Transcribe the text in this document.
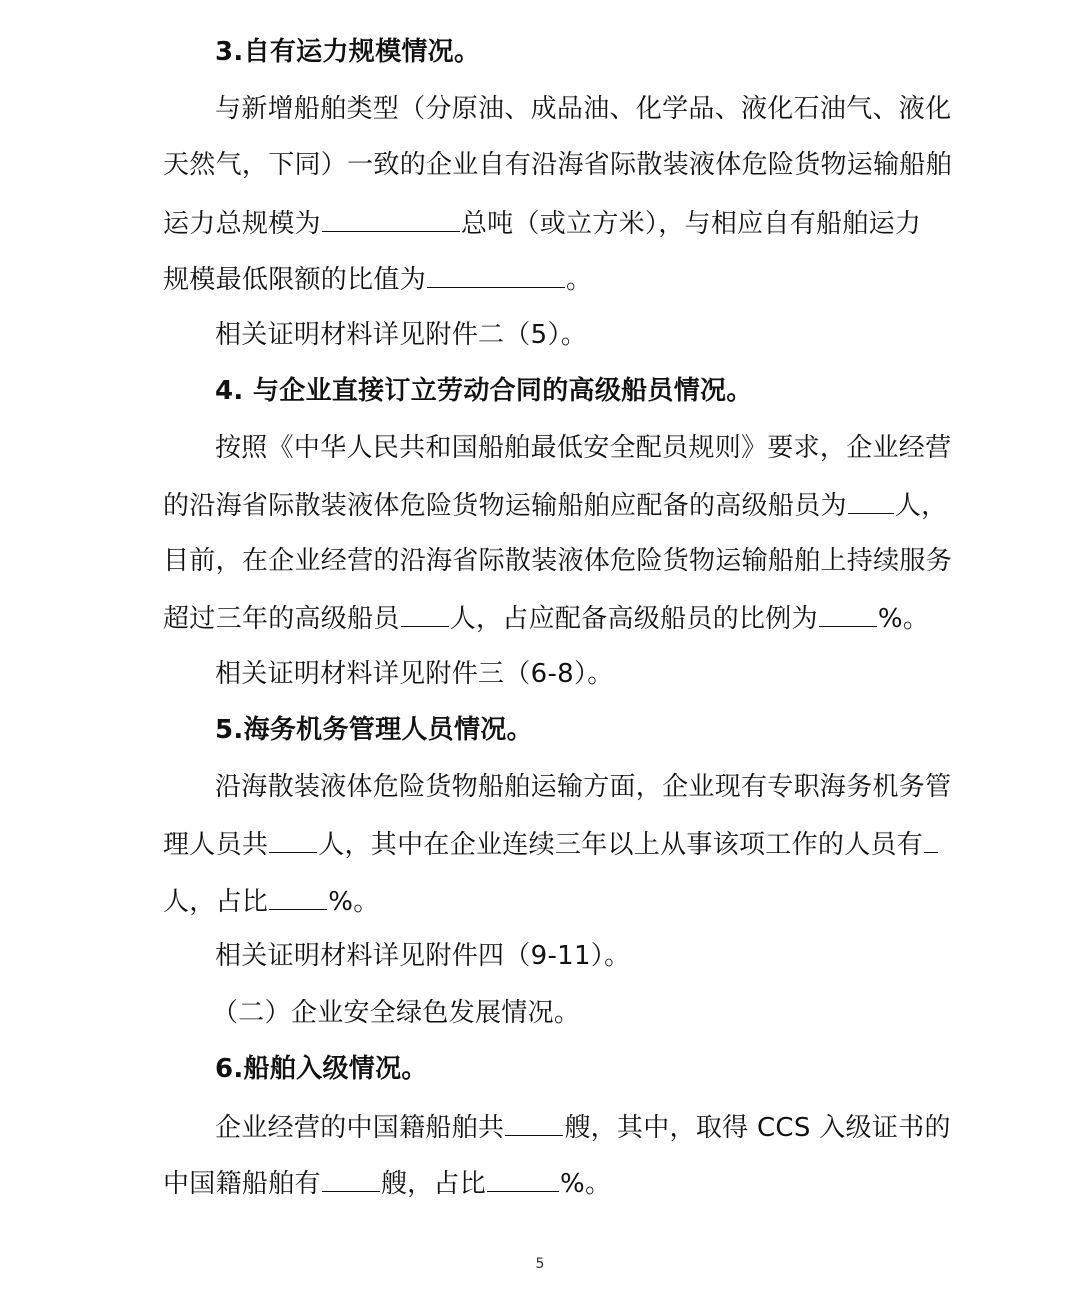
3.自有运力规模情况。
与新增船舶类型（分原油、成品油、化学品、液化石油气、液化
天然气，下同）一致的企业自有沿海省际散装液体危险货物运输船舶
运力总规模为	总吨（或立方米），与相应自有船舶运力
规模最低限额的比值为	。
相关证明材料详见附件二（5）。
4. 与企业直接订立劳动合同的高级船员情况。
按照《中华人民共和国船舶最低安全配员规则》要求，企业经营
的沿海省际散装液体危险货物运输船舶应配备的高级船员为 人，
目前，在企业经营的沿海省际散装液体危险货物运输船舶上持续服务
超过三年的高级船员 人，占应配备高级船员的比例为 %。
相关证明材料详见附件三（6-8）。
5.海务机务管理人员情况。
沿海散装液体危险货物船舶运输方面，企业现有专职海务机务管
理人员共 人，其中在企业连续三年以上从事该项工作的人员有
人，占比 %。
相关证明材料详见附件四（9-11）。
（二）企业安全绿色发展情况。
6.船舶入级情况。
企业经营的中国籍船舶共 艘，其中，取得 CCS 入级证书的
中国籍船舶有 艘，占比	%。
5
